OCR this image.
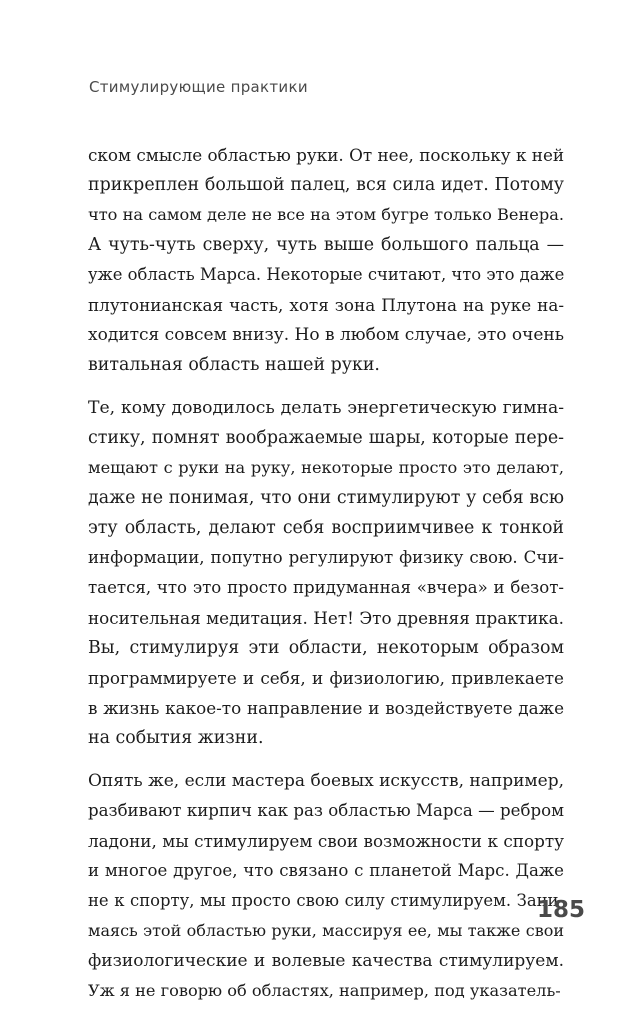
Стимулирующие практики

ском смысле областью руки. От нее, поскольку к ней
прикреплен большой палец, вся сила идет. Потому
что на самом деле не все на этом бугре только Венера.
А чуть-чуть сверху, чуть выше большого пальца —
уже область Марса. Некоторые считают, что это даже
плутонианская часть, хотя зона Плутона на руке на-
ходится совсем внизу. Но в любом случае, это очень
витальная область нашей руки.
Те, кому доводилось делать энергетическую гимна-
стику, помнят воображаемые шары, которые пере-
мещают с руки на руку, некоторые просто это делают,
даже не понимая, что они стимулируют у себя всю
эту область, делают себя восприимчивее к тонкой
информации, попутно регулируют физику свою. Счи-
тается, что это просто придуманная «вчера» и безот-
носительная медитация. Нет! Это древняя практика.
Вы, стимулируя эти области, некоторым образом
программируете и себя, и физиологию, привлекаете
в жизнь какое-то направление и воздействуете даже
на события жизни.
Опять же, если мастера боевых искусств, например,
разбивают кирпич как раз областью Марса — ребром
ладони, мы стимулируем свои возможности к спорту
и многое другое, что связано с планетой Марс. Даже
не к спорту, мы просто свою силу стимулируем. Зани-
маясь этой областью руки, массируя ее, мы также свои
физиологические и волевые качества стимулируем.
Уж я не говорю об областях, например, под указатель-

185
